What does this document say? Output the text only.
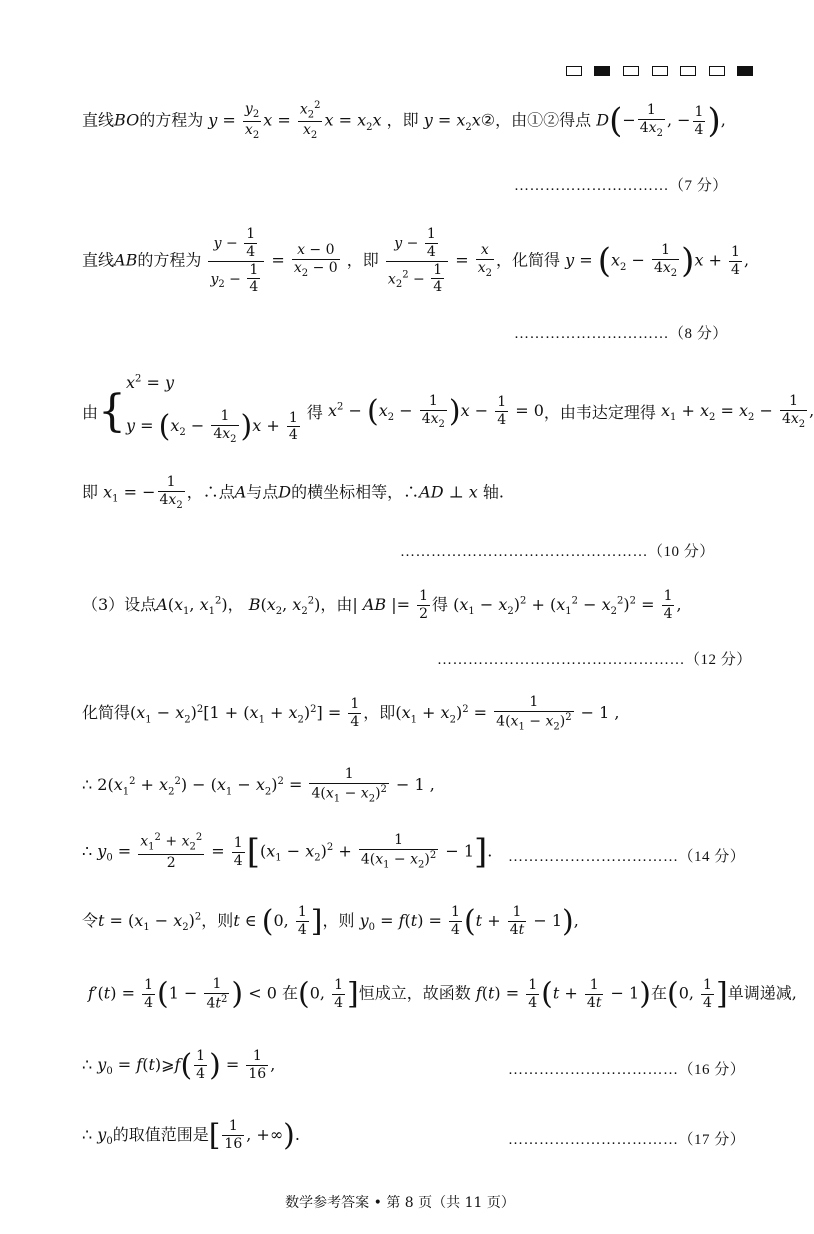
直线BO的方程为 $y = \frac{y_2}{x_2}$ $x = \frac{x_2^2}{x_2}$ $x = x_2x$ ，即 $y = x_2x②$，由①②得点 $D(- \frac{1}{4x_2}$ , − $\frac{1}{4}$ ),
…………………………（7 分）
直线AB的方程为 $\frac{y - \frac{1}{4}}{y_2 - \frac{1}{4}} = \frac{x - 0}{x_2 - 0}$ ，即 $\frac{y - \frac{1}{4}}{x_2^2 - \frac{1}{4}} = \frac{x}{x_2}$ ，化简得 $y = (x_2 - \frac{1}{4x_2} )x + \frac{1}{4}$ ,
…………………………（8 分）
由{
$x^2 = y$
$y = (x_2 - \frac{1}{4x_2} )x + \frac{1}{4}$ 得 $x^2 - (x_2 - \frac{1}{4x_2} )x - \frac{1}{4} = 0$，由韦达定理得 $x_1 + x_2 = x_2 - \frac{1}{4x_2}$ ,
即 $x_1$ = − $\frac{1}{4x_2}$ ，∴点A与点D的横坐标相等，∴AD ⊥ x 轴.
…………………………………………（10 分）
（3）设点$A(x_1$, $x_1^2$)， $B(x_2$, $x_2^2$)，由| AB |= $\frac{1}{2}$ 得 $(x_1 - x_2)^2 + (x_1^2 - x_2^2)^2 = \frac{1}{4}$ ,
…………………………………………（12 分）
化简得$(x_1 - x_2)^2[1 + (x_1 + x_2)^2] = \frac{1}{4}$ ，即$(x_1 + x_2)^2 = \frac{1}{4(x_1 - x_2)^2} - 1$ ,
∴ $2(x_1^2 + x_2^2) - (x_1 - x_2)^2 = \frac{1}{4(x_1 - x_2)^2} - 1$ ,
∴ $y_0 = \frac{x_1^2 + x_2^2}{2} = \frac{1}{4} [(x_1 - x_2)^2 + \frac{1}{4(x_1 - x_2)^2} - 1]$. ……………………………（14 分）
令$t = (x_1 - x_2)^2$，则t ∈ (0, $\frac{1}{4}$ ]，则 $y_0 = f(t) = \frac{1}{4} (t + \frac{1}{4t} - 1)$,
$f'(t) = \frac{1}{4} (1 - \frac{1}{4t^2}$ ) < 0 在(0, $\frac{1}{4}$ ]恒成立，故函数 $f(t) = \frac{1}{4} (t + \frac{1}{4t} - 1)$在(0, $\frac{1}{4}$ ]单调递减,
∴ $y_0$ = f(t)⩾f( $\frac{1}{4}$ ) = $\frac{1}{16}$ ,	……………………………（16 分）
∴ $y_0$的取值范围是[ $\frac{1}{16}$ , +∞).	……………………………（17 分）
数学参考答案 • 第 8 页（共 11 页）
